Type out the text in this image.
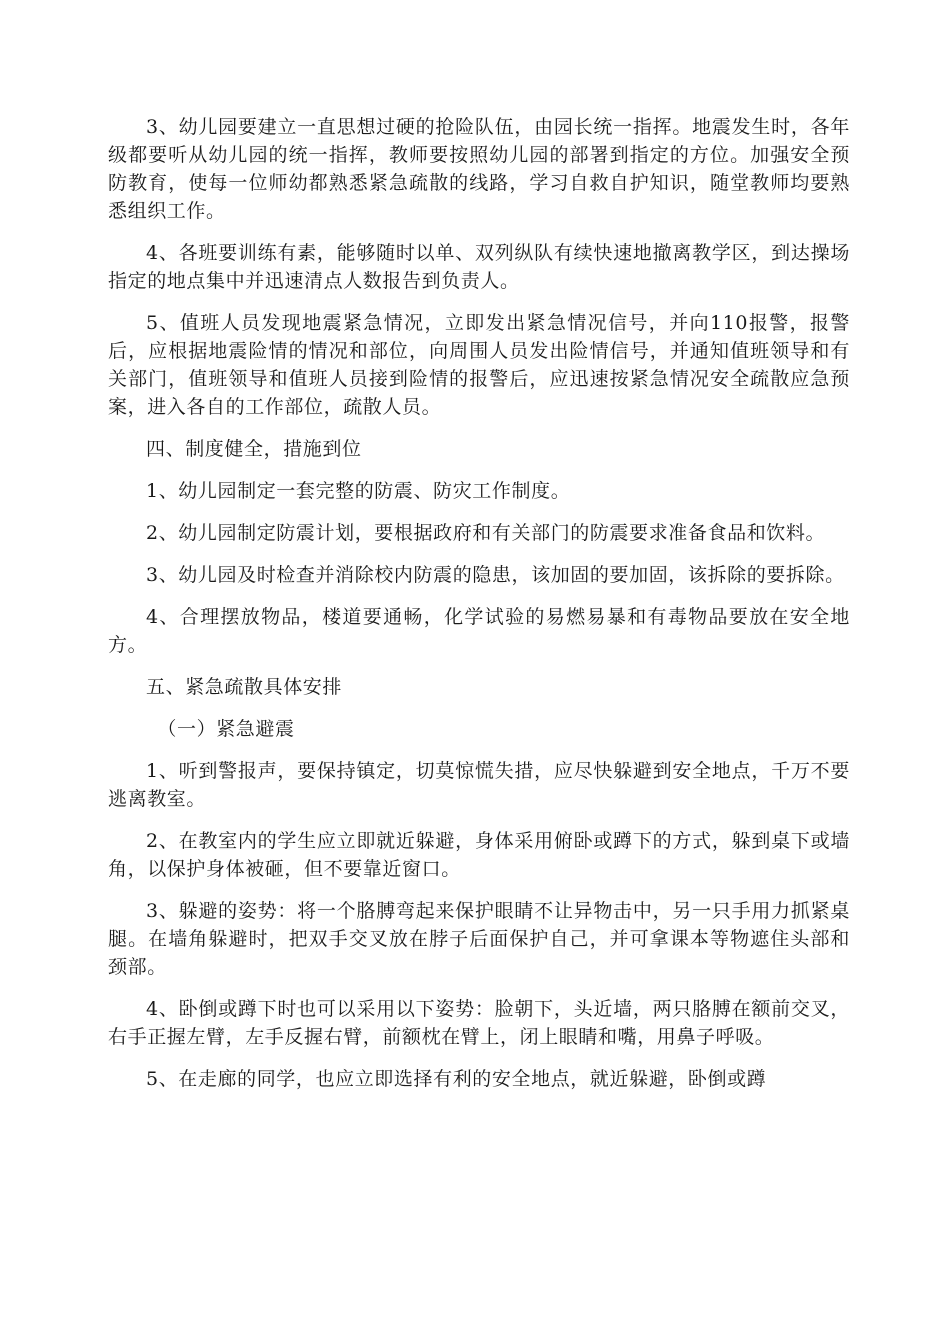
3、幼儿园要建立一直思想过硬的抢险队伍，由园长统一指挥。地震发生时，各年级都要听从幼儿园的统一指挥，教师要按照幼儿园的部署到指定的方位。加强安全预防教育，使每一位师幼都熟悉紧急疏散的线路，学习自救自护知识，随堂教师均要熟悉组织工作。

4、各班要训练有素，能够随时以单、双列纵队有续快速地撤离教学区，到达操场指定的地点集中并迅速清点人数报告到负责人。

5、值班人员发现地震紧急情况，立即发出紧急情况信号，并向110报警，报警后，应根据地震险情的情况和部位，向周围人员发出险情信号，并通知值班领导和有关部门，值班领导和值班人员接到险情的报警后，应迅速按紧急情况安全疏散应急预案，进入各自的工作部位，疏散人员。

四、制度健全，措施到位

1、幼儿园制定一套完整的防震、防灾工作制度。

2、幼儿园制定防震计划，要根据政府和有关部门的防震要求准备食品和饮料。

3、幼儿园及时检查并消除校内防震的隐患，该加固的要加固，该拆除的要拆除。

4、合理摆放物品，楼道要通畅，化学试验的易燃易暴和有毒物品要放在安全地方。

五、紧急疏散具体安排

（一）紧急避震

1、听到警报声，要保持镇定，切莫惊慌失措，应尽快躲避到安全地点，千万不要逃离教室。

2、在教室内的学生应立即就近躲避，身体采用俯卧或蹲下的方式，躲到桌下或墙角，以保护身体被砸，但不要靠近窗口。

3、躲避的姿势：将一个胳膊弯起来保护眼睛不让异物击中，另一只手用力抓紧桌腿。在墙角躲避时，把双手交叉放在脖子后面保护自己，并可拿课本等物遮住头部和颈部。

4、卧倒或蹲下时也可以采用以下姿势：脸朝下，头近墙，两只胳膊在额前交叉，右手正握左臂，左手反握右臂，前额枕在臂上，闭上眼睛和嘴，用鼻子呼吸。

5、在走廊的同学，也应立即选择有利的安全地点，就近躲避，卧倒或蹲
